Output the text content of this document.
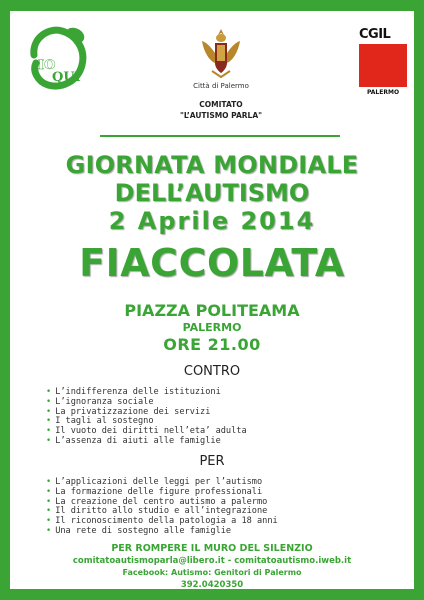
IO
QUI
Città di Palermo
COMITATO
"L’AUTISMO PARLA"
CGIL
PALERMO
GIORNATA MONDIALE
DELL’AUTISMO
2 Aprile 2014
FIACCOLATA
PIAZZA POLITEAMA
PALERMO
ORE 21.00
CONTRO
• L’indifferenza delle istituzioni
• L’ignoranza sociale
• La privatizzazione dei servizi
• I tagli al sostegno
• Il vuoto dei diritti nell’eta’ adulta
• L’assenza di aiuti alle famiglie
PER
• L’applicazioni delle leggi per l’autismo
• La formazione delle figure professionali
• La creazione del centro autismo a palermo
• Il diritto allo studio e all’integrazione
• Il riconoscimento della patologia a 18 anni
• Una rete di sostegno alle famiglie
PER ROMPERE IL MURO DEL SILENZIO
comitatoautismoparla@libero.it - comitatoautismo.iweb.it
Facebook: Autismo: Genitori di Palermo
392.0420350
